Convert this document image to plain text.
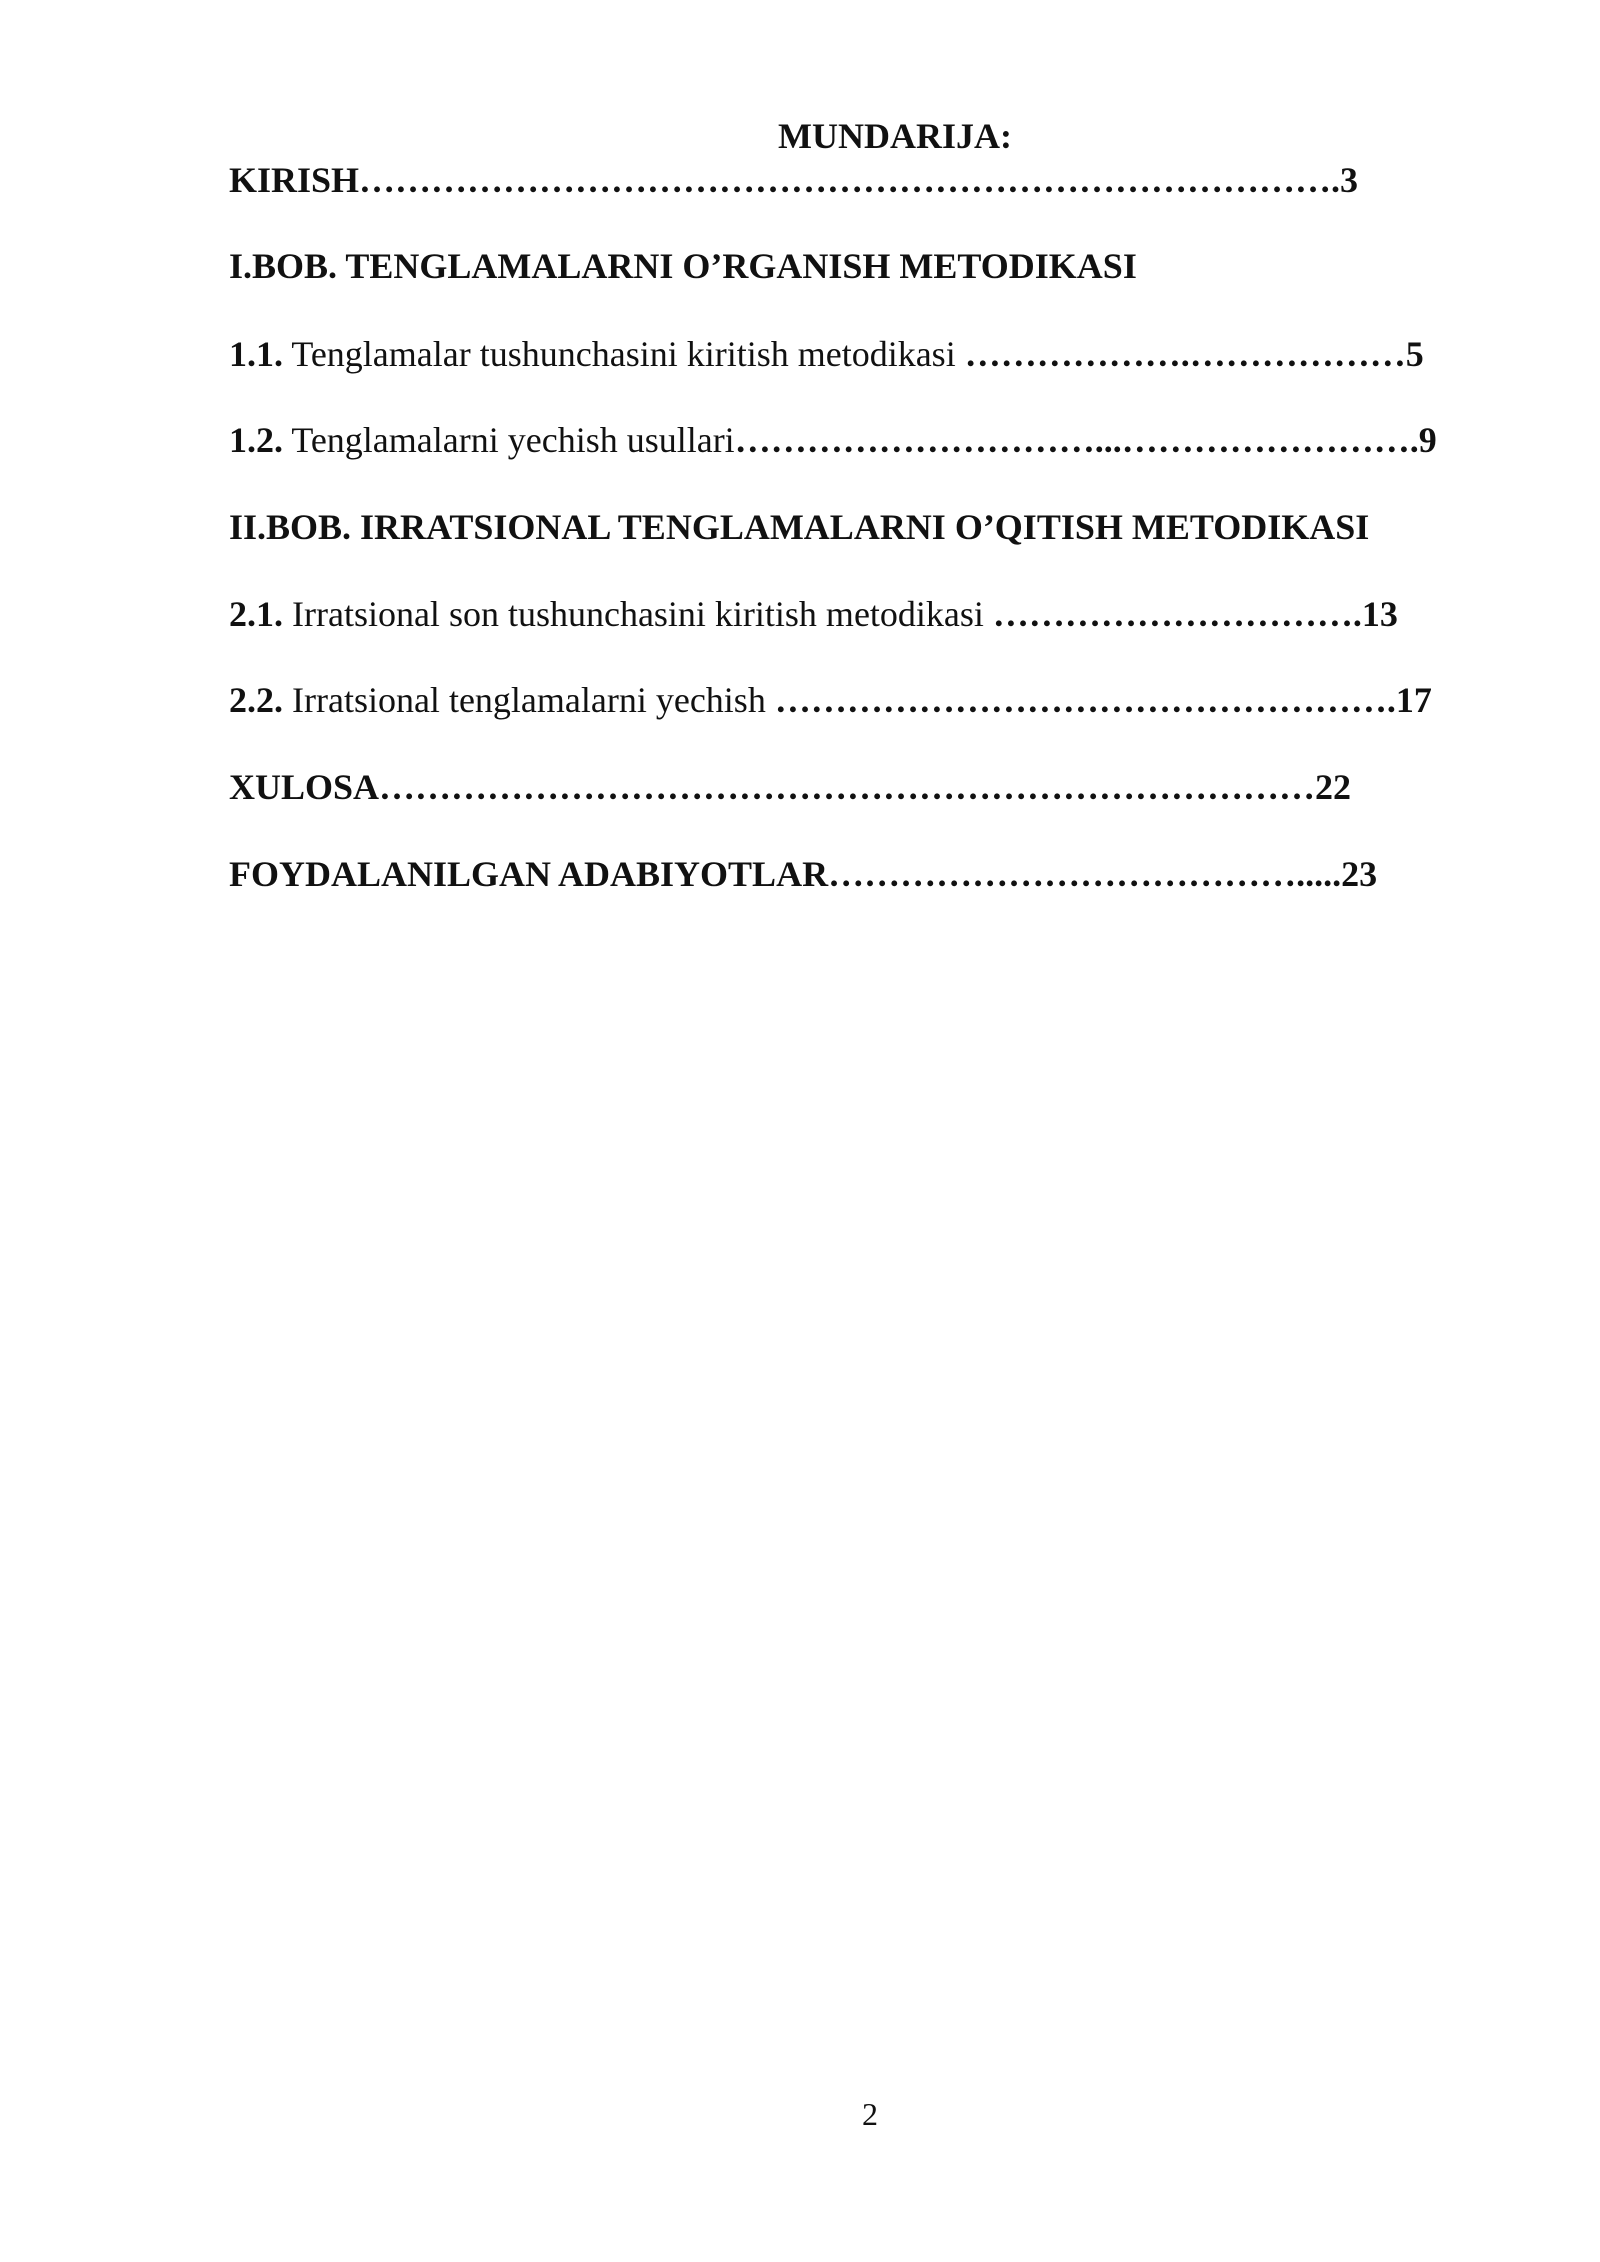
MUNDARIJA:
KIRISH……………………………………………………………………….3
I.BOB. TENGLAMALARNI O’RGANISH METODIKASI
1.1. Tenglamalar tushunchasini kiritish metodikasi ……………….………………5
1.2. Tenglamalarni yechish usullari…………………………...…………………….9
II.BOB. IRRATSIONAL TENGLAMALARNI O’QITISH METODIKASI
2.1. Irratsional son tushunchasini kiritish metodikasi ………………………….13
2.2. Irratsional tenglamalarni yechish …………………………………………….17
XULOSA……………………………………………………………………22
FOYDALANILGAN ADABIYOTLAR………………………………….....23
2
